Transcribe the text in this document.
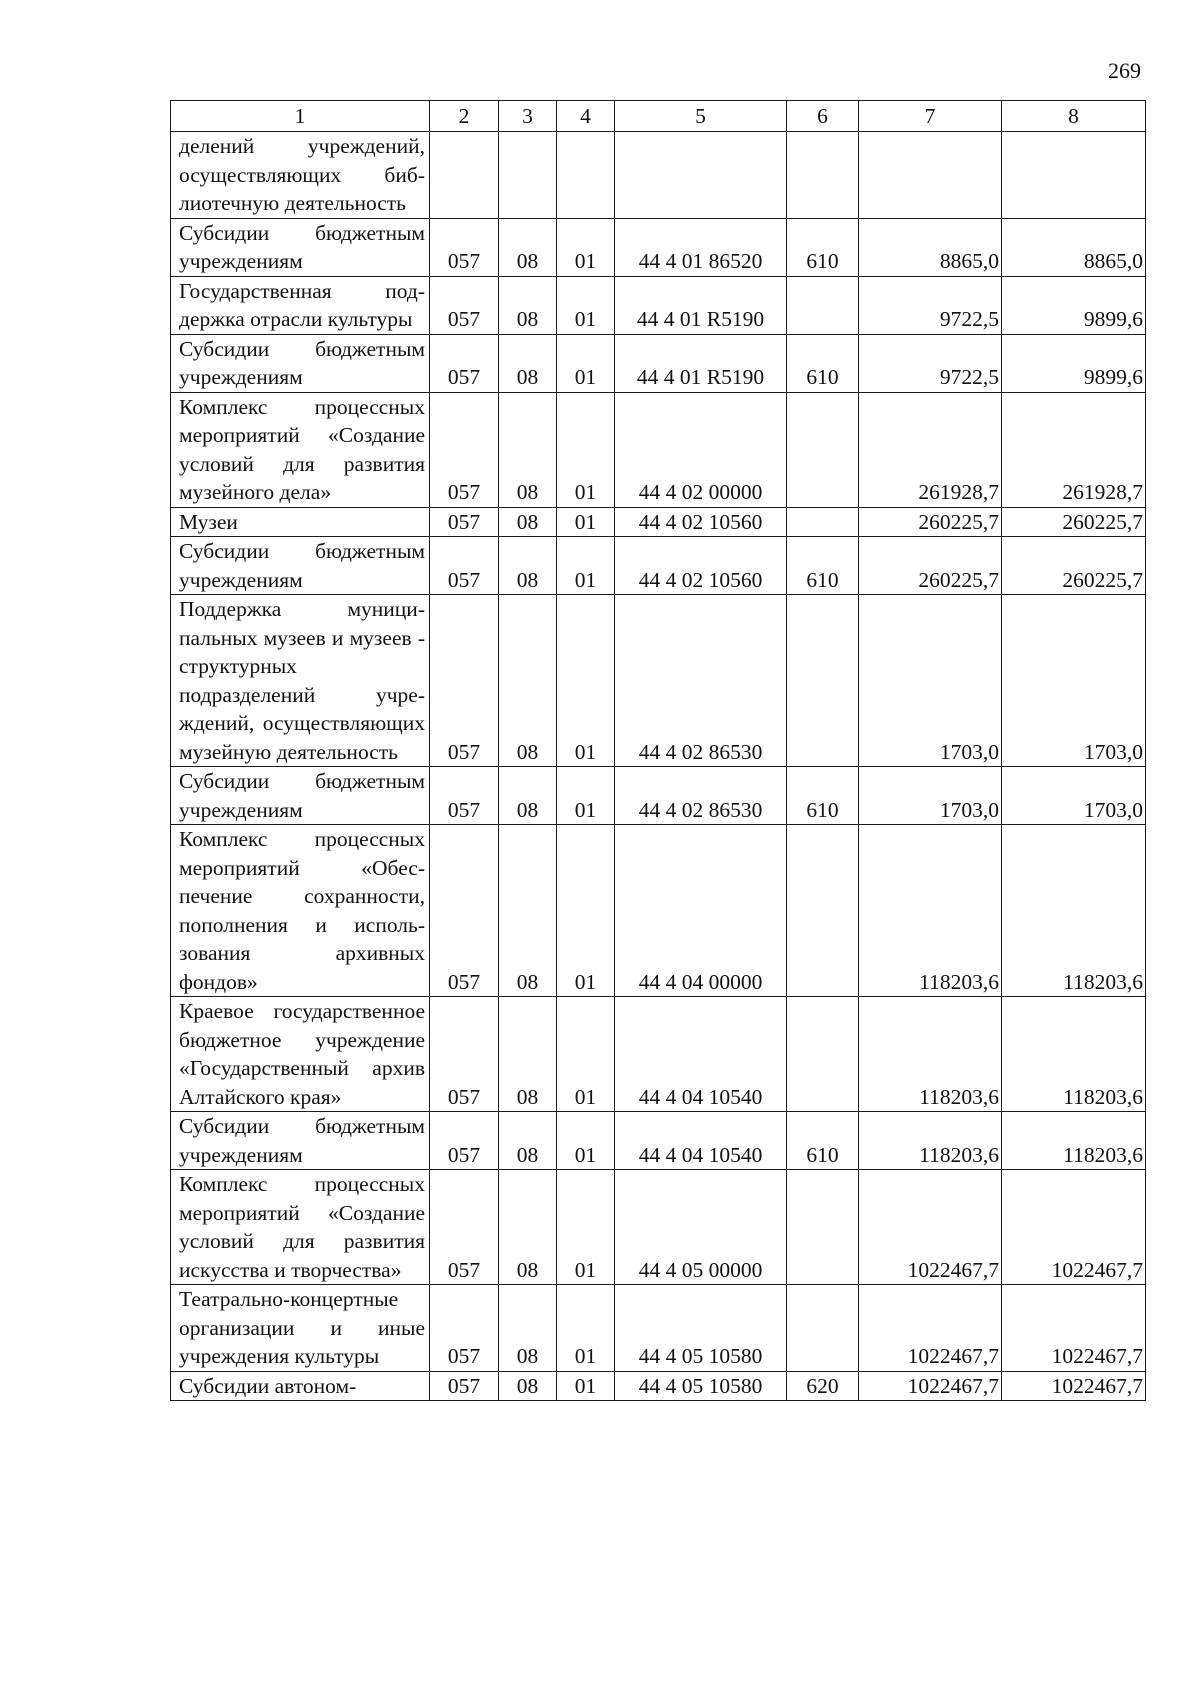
269
1	2	3	4	5	6	7	8
делений учреждений, осуществляющих библиотечную деятельность							
Субсидии бюджетным учреждениям	057	08	01	44 4 01 86520	610	8865,0	8865,0
Государственная поддержка отрасли культуры	057	08	01	44 4 01 R5190		9722,5	9899,6
Субсидии бюджетным учреждениям	057	08	01	44 4 01 R5190	610	9722,5	9899,6
Комплекс процессных мероприятий «Создание условий для развития музейного дела»	057	08	01	44 4 02 00000		261928,7	261928,7
Музеи	057	08	01	44 4 02 10560		260225,7	260225,7
Субсидии бюджетным учреждениям	057	08	01	44 4 02 10560	610	260225,7	260225,7
Поддержка муниципальных музеев и музеев - структурных подразделений учреждений, осуществляющих музейную деятельность	057	08	01	44 4 02 86530		1703,0	1703,0
Субсидии бюджетным учреждениям	057	08	01	44 4 02 86530	610	1703,0	1703,0
Комплекс процессных мероприятий «Обеспечение сохранности, пополнения и использования архивных фондов»	057	08	01	44 4 04 00000		118203,6	118203,6
Краевое государственное бюджетное учреждение «Государственный архив Алтайского края»	057	08	01	44 4 04 10540		118203,6	118203,6
Субсидии бюджетным учреждениям	057	08	01	44 4 04 10540	610	118203,6	118203,6
Комплекс процессных мероприятий «Создание условий для развития искусства и творчества»	057	08	01	44 4 05 00000		1022467,7	1022467,7
Театрально-концертные организации и иные учреждения культуры	057	08	01	44 4 05 10580		1022467,7	1022467,7
Субсидии автоном-	057	08	01	44 4 05 10580	620	1022467,7	1022467,7
